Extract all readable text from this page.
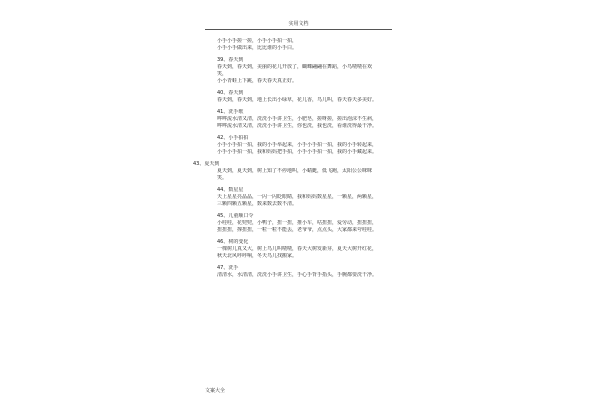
实用文档
小手小手搓一搓，小手小手拍一拍，
小手小手做出来，比比谁的小手白。
39、春天到
春天到，春天到，美丽的花儿开放了，蝴蝶翩翩在舞蹈，小鸟喳喳在欢
笑，
小小青蛙上下跳，春天春天真正好。
40、春天到
春天到，春天到，地上长出小绿草，花儿香，鸟儿叫，春天春天多美好。
41、洗手歌
哗哗流水清又清，洗洗小手讲卫生，小肥皂，搓呀搓，搓出泡沫不生病，
哗哗流水清又清，洗洗小手讲卫生，你也洗，我也洗，看谁洗得最干净。
42、小手拍拍
小手小手拍一拍，我的小手举起来，小手小手拍一拍，我的小手转起来，
小手小手拍一拍，我和妈妈把手拍，小手小手拍一拍，我的小手藏起来。
43、夏天到
夏天到，夏天到，树上知了不停地叫，小蜻蜓，低飞跑，太阳公公咪咪
笑。
44、数星星
天上星星亮晶晶，一闪一闪眨眼睛，我和妈妈数星星，一颗星，两颗星，
三颗四颗五颗星，数来数去数不清。
45、儿童顺口令
小哇哇，花兜兜，小鸭子，扭一扭，推小车，咕扭扭，爱劳动，扭扭扭，
扭扭扭，撑扭扭，一粒一粒不能丢，老爷爷，点点头，大家都来夸哇哇。
46、树的变化
一棵树儿真又大，树上鸟儿叫喳喳，春天大树发新芽，夏天大树开红花，
秋天北风呼呼响，冬天鸟儿找搬家。
47、洗手
清清水，水清清，洗洗小手讲卫生，手心手背手指头，手腕都要洗干净。
文案大全
